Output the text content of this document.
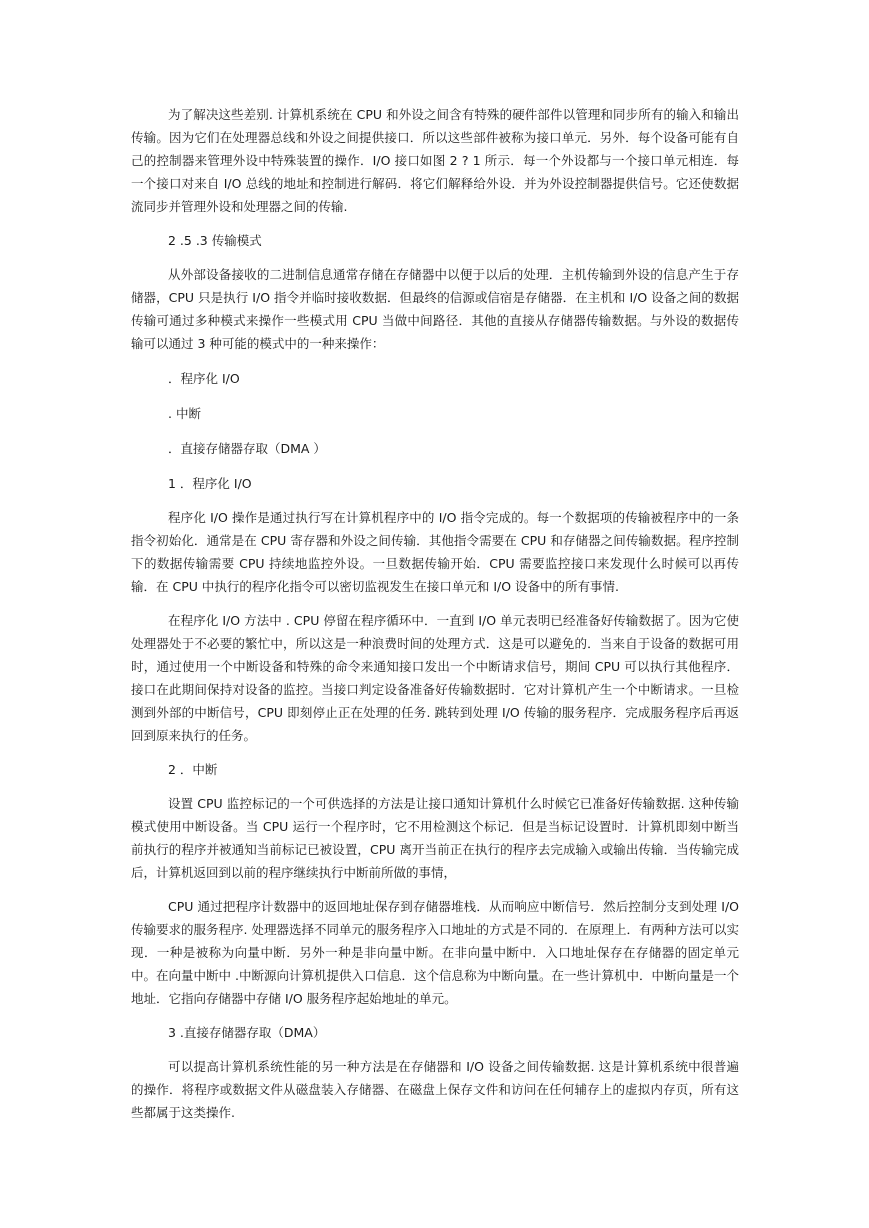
为了解决这些差别. 计算机系统在 CPU 和外设之间含有特殊的硬件部件以管理和同步所有的输入和输出传输。因为它们在处理器总线和外设之间提供接口．所以这些部件被称为接口单元．另外．每个设备可能有自己的控制器来管理外设中特殊装置的操作．I/O 接口如图 2 ? 1 所示．每一个外设都与一个接口单元相连．每一个接口对来自 I/O 总线的地址和控制进行解码．将它们解释给外设．并为外设控制器提供信号。它还使数据流同步并管理外设和处理器之间的传输.

2 .5 .3 传输模式

从外部设备接收的二进制信息通常存储在存储器中以便于以后的处理．主机传输到外设的信息产生于存储器，CPU 只是执行 I/O 指令并临时接收数据．但最终的信源或信宿是存储器．在主机和 I/O 设备之间的数据传输可通过多种模式来操作一些模式用 CPU 当做中间路径．其他的直接从存储器传输数据。与外设的数据传输可以通过 3 种可能的模式中的一种来操作：

．程序化 I/O

. 中断

．直接存储器存取（DMA ）

1 ．程序化 I/O

程序化 I/O 操作是通过执行写在计算机程序中的 I/O 指令完成的。每一个数据项的传输被程序中的一条指令初始化．通常是在 CPU 寄存器和外设之间传输．其他指令需要在 CPU 和存储器之间传输数据。程序控制下的数据传输需要 CPU 持续地监控外设。一旦数据传输开始．CPU 需要监控接口来发现什么时候可以再传输．在 CPU 中执行的程序化指令可以密切监视发生在接口单元和 I/O 设备中的所有事情.

在程序化 I/O 方法中 . CPU 停留在程序循环中．一直到 I/O 单元表明已经准备好传输数据了。因为它使处理器处于不必要的繁忙中，所以这是一种浪费时间的处理方式．这是可以避免的．当来自于设备的数据可用时，通过使用一个中断设备和特殊的命令来通知接口发出一个中断请求信号，期间 CPU 可以执行其他程序．接口在此期间保持对设备的监控。当接口判定设备准备好传输数据时．它对计算机产生一个中断请求。一旦检测到外部的中断信号，CPU 即刻停止正在处理的任务. 跳转到处理 I/O 传输的服务程序．完成服务程序后再返回到原来执行的任务。

2 ．中断

设置 CPU 监控标记的一个可供选择的方法是让接口通知计算机什么时候它已准备好传输数据. 这种传输模式使用中断设备。当 CPU 运行一个程序时，它不用检测这个标记．但是当标记设置时．计算机即刻中断当前执行的程序并被通知当前标记已被设置，CPU 离开当前正在执行的程序去完成输入或输出传输．当传输完成后，计算机返回到以前的程序继续执行中断前所做的事情，

CPU 通过把程序计数器中的返回地址保存到存储器堆栈．从而响应中断信号．然后控制分支到处理 I/O 传输要求的服务程序. 处理器选择不同单元的服务程序入口地址的方式是不同的．在原理上．有两种方法可以实现．一种是被称为向量中断．另外一种是非向量中断。在非向量中断中．入口地址保存在存储器的固定单元中。在向量中断中 .中断源向计算机提供入口信息．这个信息称为中断向量。在一些计算机中．中断向量是一个地址．它指向存储器中存储 I/O 服务程序起始地址的单元。

3 .直接存储器存取（DMA）

可以提高计算机系统性能的另一种方法是在存储器和 I/O 设备之间传输数据. 这是计算机系统中很普遍的操作．将程序或数据文件从磁盘装入存储器、在磁盘上保存文件和访问在任何辅存上的虚拟内存页，所有这些都属于这类操作.
